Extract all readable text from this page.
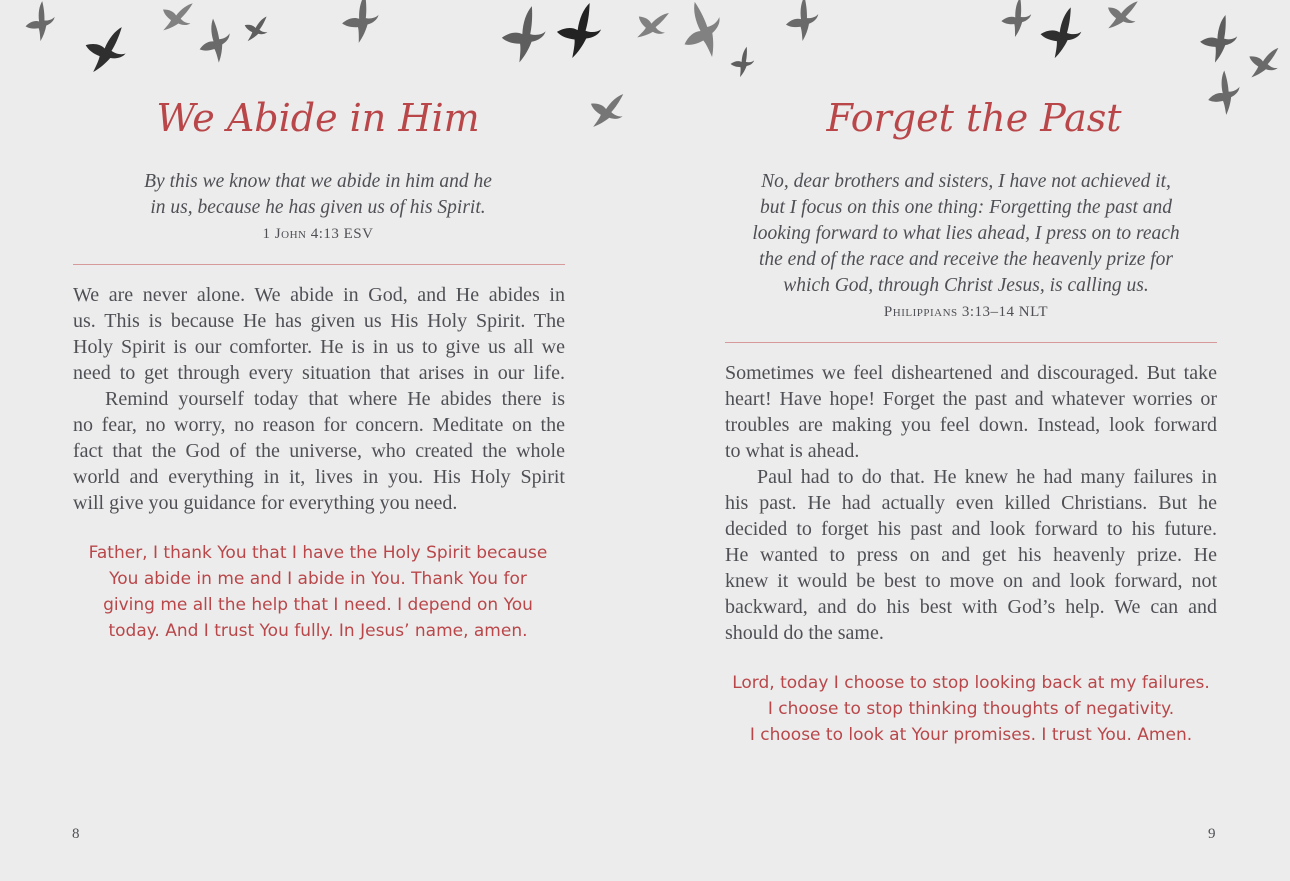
We Abide in Him
By this we know that we abide in him and he
in us, because he has given us of his Spirit.
1 John 4:13 ESV
We are never alone. We abide in God, and He abides in
us. This is because He has given us His Holy Spirit. The
Holy Spirit is our comforter. He is in us to give us all we
need to get through every situation that arises in our life.
Remind yourself today that where He abides there is
no fear, no worry, no reason for concern. Meditate on the
fact that the God of the universe, who created the whole
world and everything in it, lives in you. His Holy Spirit
will give you guidance for everything you need.
Father, I thank You that I have the Holy Spirit because
You abide in me and I abide in You. Thank You for
giving me all the help that I need. I depend on You
today. And I trust You fully. In Jesus’ name, amen.
8
Forget the Past
No, dear brothers and sisters, I have not achieved it,
but I focus on this one thing: Forgetting the past and
looking forward to what lies ahead, I press on to reach
the end of the race and receive the heavenly prize for
which God, through Christ Jesus, is calling us.
Philippians 3:13–14 NLT
Sometimes we feel disheartened and discouraged. But take
heart! Have hope! Forget the past and whatever worries or
troubles are making you feel down. Instead, look forward
to what is ahead.
Paul had to do that. He knew he had many failures in
his past. He had actually even killed Christians. But he
decided to forget his past and look forward to his future.
He wanted to press on and get his heavenly prize. He
knew it would be best to move on and look forward, not
backward, and do his best with God’s help. We can and
should do the same.
Lord, today I choose to stop looking back at my failures.
I choose to stop thinking thoughts of negativity.
I choose to look at Your promises. I trust You. Amen.
9
